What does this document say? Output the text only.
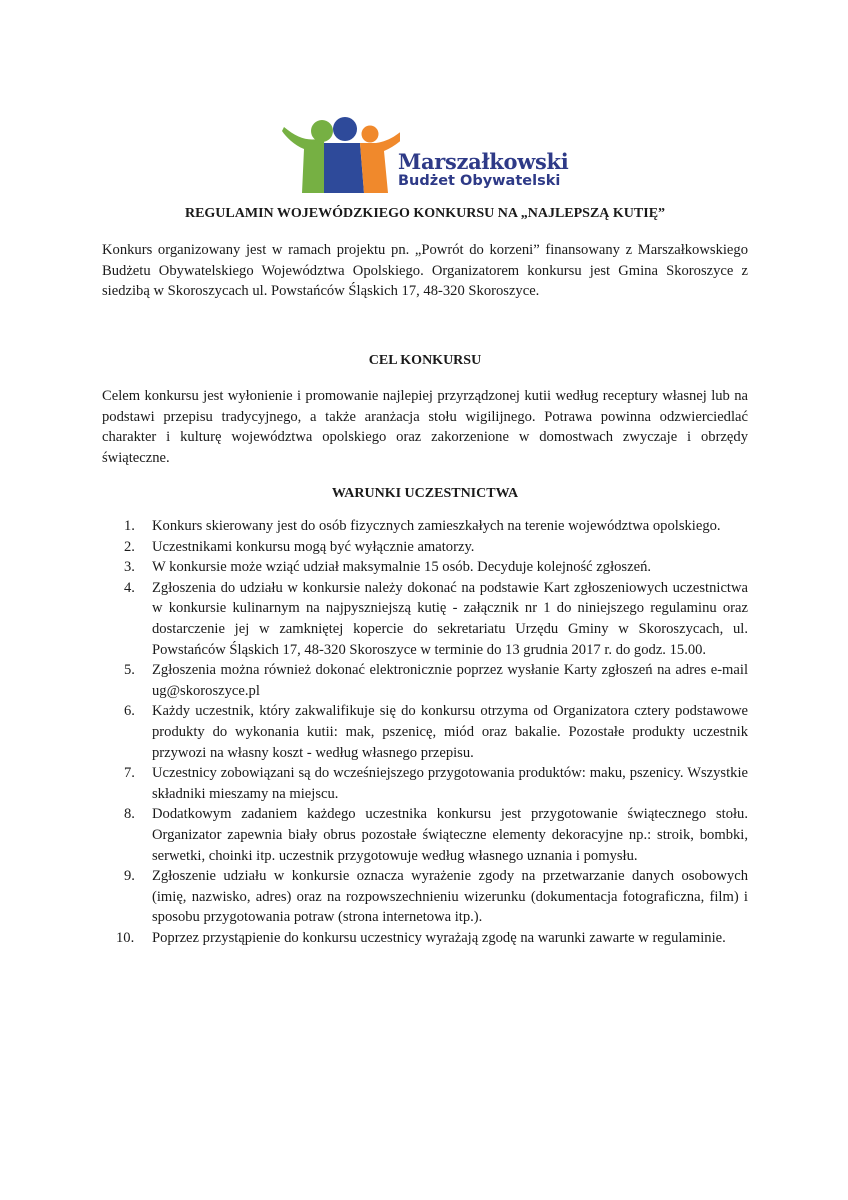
Marszałkowski
Budżet Obywatelski
REGULAMIN WOJEWÓDZKIEGO KONKURSU NA „NAJLEPSZĄ KUTIĘ”
Konkurs organizowany jest w ramach projektu pn. „Powrót do korzeni” finansowany z Marszałkowskiego Budżetu Obywatelskiego Województwa Opolskiego. Organizatorem konkursu jest Gmina Skoroszyce z siedzibą w Skoroszycach ul. Powstańców Śląskich 17, 48-320 Skoroszyce.
CEL KONKURSU
Celem konkursu jest wyłonienie i promowanie najlepiej przyrządzonej kutii według receptury własnej lub na podstawi przepisu tradycyjnego, a także aranżacja stołu wigilijnego. Potrawa powinna odzwierciedlać charakter i kulturę województwa opolskiego oraz zakorzenione w domostwach zwyczaje i obrzędy świąteczne.
WARUNKI UCZESTNICTWA
1. Konkurs skierowany jest do osób fizycznych zamieszkałych na terenie województwa opolskiego.
2. Uczestnikami konkursu mogą być wyłącznie amatorzy.
3. W konkursie może wziąć udział maksymalnie 15 osób. Decyduje kolejność zgłoszeń.
4. Zgłoszenia do udziału w konkursie należy dokonać na podstawie Kart zgłoszeniowych uczestnictwa w konkursie kulinarnym na najpyszniejszą kutię - załącznik nr 1 do niniejszego regulaminu oraz dostarczenie jej w zamkniętej kopercie do sekretariatu Urzędu Gminy w Skoroszycach, ul. Powstańców Śląskich 17, 48-320 Skoroszyce w terminie do 13 grudnia 2017 r. do godz. 15.00.
5. Zgłoszenia można również dokonać elektronicznie poprzez wysłanie Karty zgłoszeń na adres e-mail ug@skoroszyce.pl
6. Każdy uczestnik, który zakwalifikuje się do konkursu otrzyma od Organizatora cztery podstawowe produkty do wykonania kutii: mak, pszenicę, miód oraz bakalie. Pozostałe produkty uczestnik przywozi na własny koszt - według własnego przepisu.
7. Uczestnicy zobowiązani są do wcześniejszego przygotowania produktów: maku, pszenicy. Wszystkie składniki mieszamy na miejscu.
8. Dodatkowym zadaniem każdego uczestnika konkursu jest przygotowanie świątecznego stołu. Organizator zapewnia biały obrus pozostałe świąteczne elementy dekoracyjne np.: stroik, bombki, serwetki, choinki itp. uczestnik przygotowuje według własnego uznania i pomysłu.
9. Zgłoszenie udziału w konkursie oznacza wyrażenie zgody na przetwarzanie danych osobowych (imię, nazwisko, adres) oraz na rozpowszechnieniu wizerunku (dokumentacja fotograficzna, film) i sposobu przygotowania potraw (strona internetowa itp.).
10. Poprzez przystąpienie do konkursu uczestnicy wyrażają zgodę na warunki zawarte w regulaminie.
